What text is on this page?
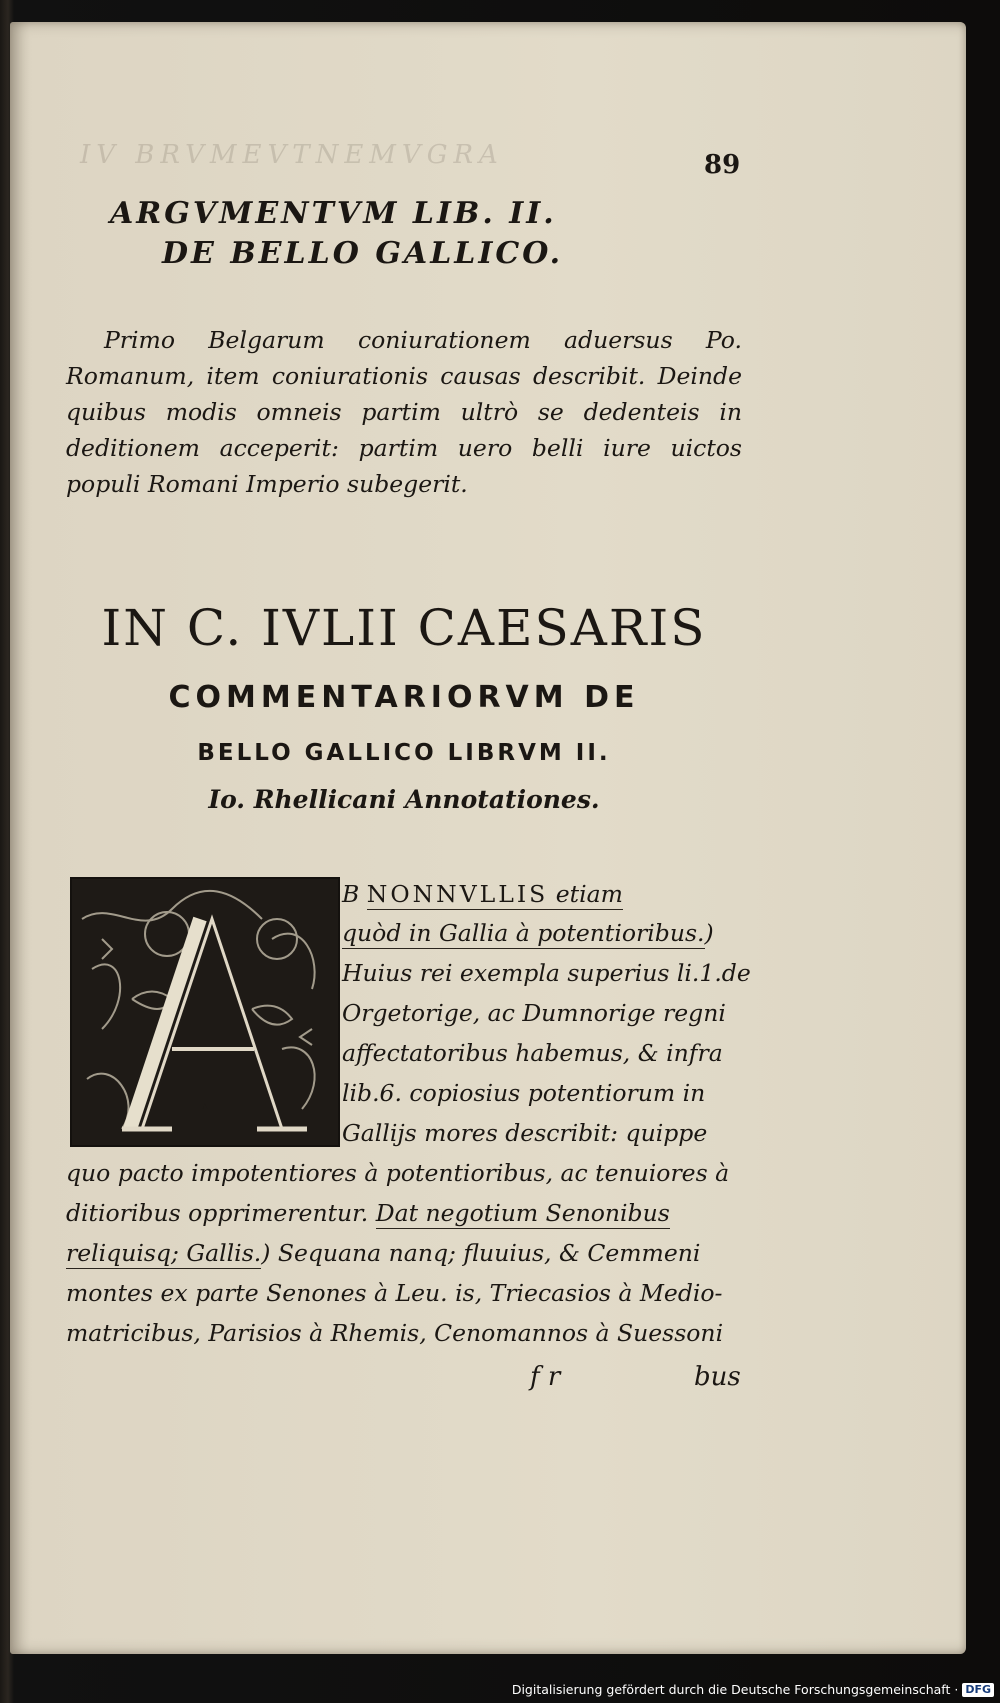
IV BRVMEVTNEMVGRA	89
ARGVMENTVM LIB. II.
DE BELLO GALLICO.
Primo Belgarum coniurationem aduersus Po. Romanum, item coniurationis causas describit. Deinde quibus modis omneis partim ultrò se dedenteis in deditionem acceperit: partim uero belli iure uictos populi Romani Imperio subegerit.
IN C. IVLII CAESARIS
COMMENTARIORVM DE
BELLO GALLICO LIBRVM II.
Io. Rhellicani Annotationes.
A
B NONNVLLIS etiam
quòd in Gallia à potentioribus.)
Huius rei exempla superius li.1.de
Orgetorige, ac Dumnorige regni
affectatoribus habemus, & infra
lib.6. copiosius potentiorum in
Gallijs mores describit: quippe
quo pacto impotentiores à potentioribus, ac tenuiores à
ditioribus opprimerentur. Dat negotium Senonibus
reliquisq; Gallis.) Sequana nanq; fluuius, & Cemmeni
montes ex parte Senones à Leu. is, Triecasios à Medio-
matricibus, Parisios à Rhemis, Cenomannos à Suessoni
f r	bus
Digitalisierung gefördert durch die Deutsche Forschungsgemeinschaft · DFG
